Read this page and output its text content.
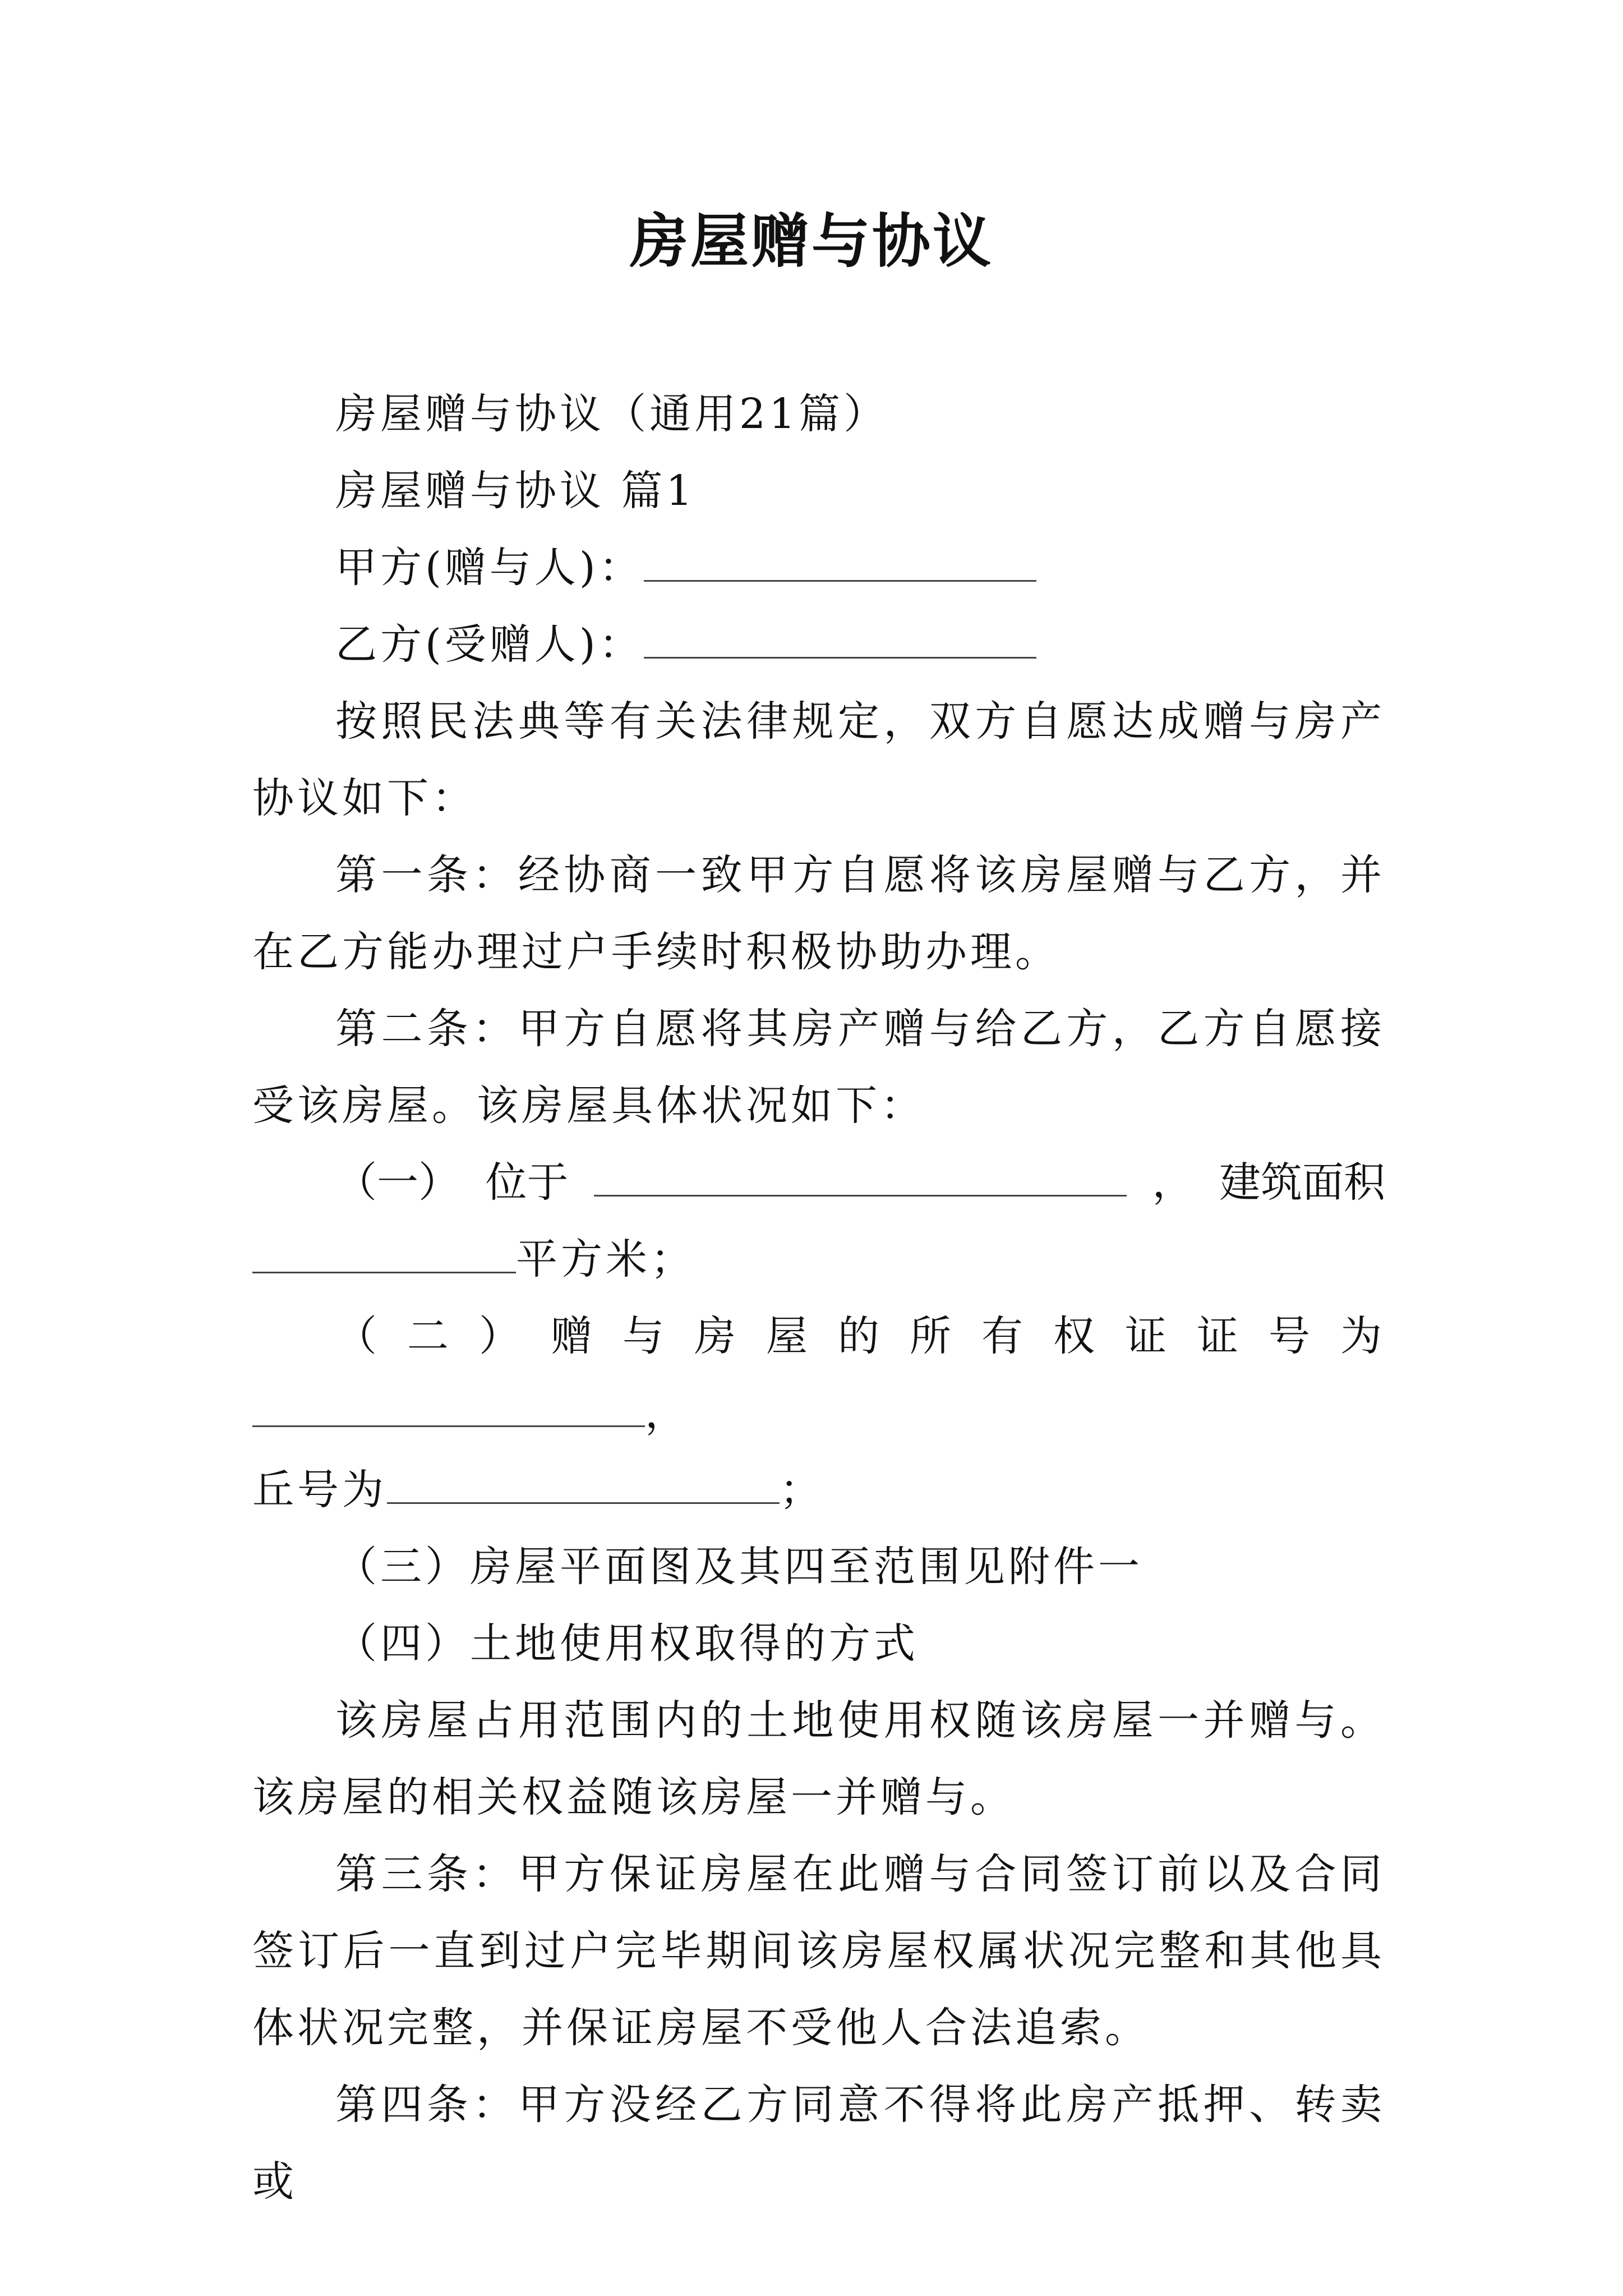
房屋赠与协议

房屋赠与协议（通用21篇）

房屋赠与协议 篇1

甲方(赠与人)：

乙方(受赠人)：

按照民法典等有关法律规定，双方自愿达成赠与房产协议如下：

第一条：经协商一致甲方自愿将该房屋赠与乙方，并在乙方能办理过户手续时积极协助办理。

第二条：甲方自愿将其房产赠与给乙方，乙方自愿接受该房屋。该房屋具体状况如下：

（一） 位于	， 建筑面积

平方米；

（二）赠与房屋的所有权证证号为，

丘号为	；

（三）房屋平面图及其四至范围见附件一

（四）土地使用权取得的方式

该房屋占用范围内的土地使用权随该房屋一并赠与。该房屋的相关权益随该房屋一并赠与。

第三条：甲方保证房屋在此赠与合同签订前以及合同签订后一直到过户完毕期间该房屋权属状况完整和其他具体状况完整，并保证房屋不受他人合法追索。

第四条：甲方没经乙方同意不得将此房产抵押、转卖或
